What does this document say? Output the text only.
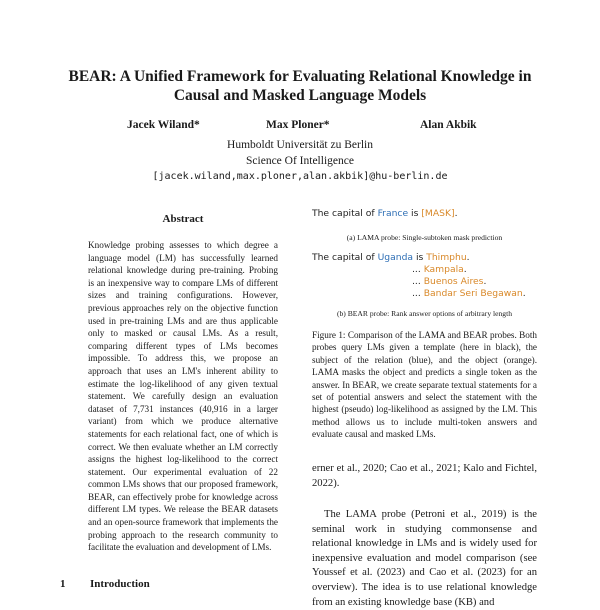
BEAR: A Unified Framework for Evaluating Relational Knowledge in
Causal and Masked Language Models
Jacek Wiland*	Max Ploner*	Alan Akbik
Humboldt Universität zu Berlin
Science Of Intelligence
[jacek.wiland,max.ploner,alan.akbik]@hu-berlin.de
Abstract

Knowledge probing assesses to which degree a language model (LM) has successfully learned relational knowledge during pre-training. Probing is an inexpensive way to compare LMs of different sizes and training configurations. However, previous approaches rely on the objective function used in pre-training LMs and are thus applicable only to masked or causal LMs. As a result, comparing different types of LMs becomes impossible. To address this, we propose an approach that uses an LM's inherent ability to estimate the log-likelihood of any given textual statement. We carefully design an evaluation dataset of 7,731 instances (40,916 in a larger variant) from which we produce alternative statements for each relational fact, one of which is correct. We then evaluate whether an LM correctly assigns the highest log-likelihood to the correct statement. Our experimental evaluation of 22 common LMs shows that our proposed framework, BEAR, can effectively probe for knowledge across different LM types. We release the BEAR datasets and an open-source framework that implements the probing approach to the research community to facilitate the evaluation and development of LMs.

1 Introduction
The capital of France is [MASK].
(a) LAMA probe: Single-subtoken mask prediction
The capital of Uganda is Thimphu.
... Kampala.
... Buenos Aires.
... Bandar Seri Begawan.
(b) BEAR probe: Rank answer options of arbitrary length
Figure 1: Comparison of the LAMA and BEAR probes. Both probes query LMs given a template (here in black), the subject of the relation (blue), and the object (orange). LAMA masks the object and predicts a single token as the answer. In BEAR, we create separate textual statements for a set of potential answers and select the statement with the highest (pseudo) log-likelihood as assigned by the LM. This method allows us to include multi-token answers and evaluate causal and masked LMs.
erner et al., 2020; Cao et al., 2021; Kalo and Fichtel, 2022).
The LAMA probe (Petroni et al., 2019) is the seminal work in studying commonsense and relational knowledge in LMs and is widely used for inexpensive evaluation and model comparison (see Youssef et al. (2023) and Cao et al. (2023) for an overview). The idea is to use relational knowledge from an existing knowledge base (KB) and
